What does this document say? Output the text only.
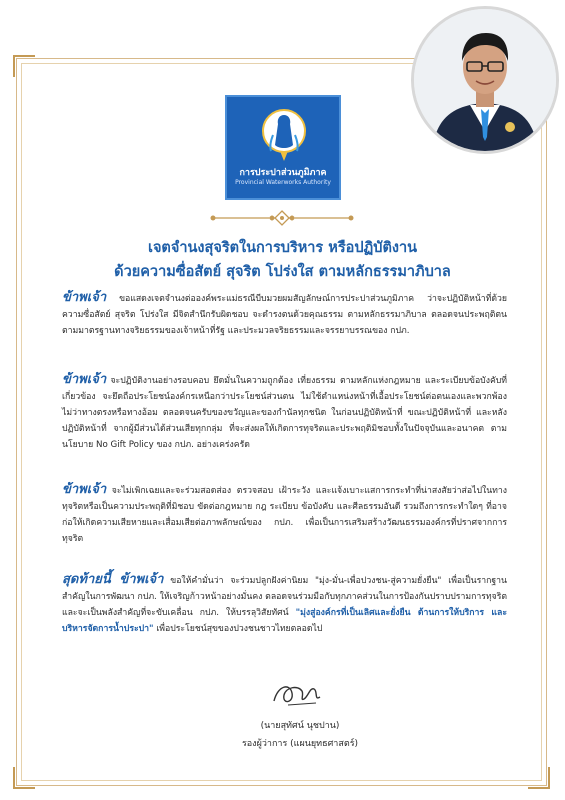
การประปาส่วนภูมิภาค
Provincial Waterworks Authority
เจตจำนงสุจริตในการบริหาร หรือปฏิบัติงาน
ด้วยความซื่อสัตย์ สุจริต โปร่งใส ตามหลักธรรมาภิบาล
ข้าพเจ้า ขอแสดงเจตจำนงต่อองค์พระแม่ธรณีบีบมวยผมสัญลักษณ์การประปาส่วนภูมิภาค ว่าจะปฏิบัติหน้าที่ด้วยความซื่อสัตย์ สุจริต โปร่งใส มีจิตสำนึกรับผิดชอบ จะดำรงตนด้วยคุณธรรม ตามหลักธรรมาภิบาล ตลอดจนประพฤติตนตามมาตรฐานทางจริยธรรมของเจ้าหน้าที่รัฐ และประมวลจริยธรรมและจรรยาบรรณของ กปภ.
ข้าพเจ้า จะปฏิบัติงานอย่างรอบคอบ ยึดมั่นในความถูกต้อง เที่ยงธรรม ตามหลักแห่งกฎหมาย และระเบียบข้อบังคับที่เกี่ยวข้อง จะยึดถือประโยชน์องค์กรเหนือกว่าประโยชน์ส่วนตน ไม่ใช้ตำแหน่งหน้าที่เอื้อประโยชน์ต่อตนเองและพวกพ้อง ไม่ว่าทางตรงหรือทางอ้อม ตลอดจนครับของขวัญและของกำนัลทุกชนิด ในก่อนปฏิบัติหน้าที่ ขณะปฏิบัติหน้าที่ และหลังปฏิบัติหน้าที่ จากผู้มีส่วนได้ส่วนเสียทุกกลุ่ม ที่จะส่งผลให้เกิดการทุจริตและประพฤติมิชอบทั้งในปัจจุบันและอนาคต ตามนโยบาย No Gift Policy ของ กปภ. อย่างเคร่งครัด
ข้าพเจ้า จะไม่เพิกเฉยและจะร่วมสอดส่อง ตรวจสอบ เฝ้าระวัง และแจ้งเบาะแสการกระทำที่น่าสงสัยว่าส่อไปในทางทุจริตหรือเป็นความประพฤติที่มิชอบ ขัดต่อกฎหมาย กฎ ระเบียบ ข้อบังคับ และศีลธรรมอันดี รวมถึงการกระทำใดๆ ที่อาจก่อให้เกิดความเสียหายและเสื่อมเสียต่อภาพลักษณ์ของ กปภ. เพื่อเป็นการเสริมสร้างวัฒนธรรมองค์กรที่ปราศจากการทุจริต
สุดท้ายนี้ ข้าพเจ้า ขอให้คำมั่นว่า จะร่วมปลูกฝังค่านิยม "มุ่ง-มั่น-เพื่อปวงชน-สู่ความยั่งยืน" เพื่อเป็นรากฐานสำคัญในการพัฒนา กปภ. ให้เจริญก้าวหน้าอย่างมั่นคง ตลอดจนร่วมมือกับทุกภาคส่วนในการป้องกันปราบปรามการทุจริต และจะเป็นพลังสำคัญที่จะขับเคลื่อน กปภ. ให้บรรลุวิสัยทัศน์ "มุ่งสู่องค์กรที่เป็นเลิศและยั่งยืน ด้านการให้บริการ และบริหารจัดการน้ำประปา" เพื่อประโยชน์สุขของปวงชนชาวไทยตลอดไป
(นายสุทัศน์ นุชปาน)
รองผู้ว่าการ (แผนยุทธศาสตร์)
